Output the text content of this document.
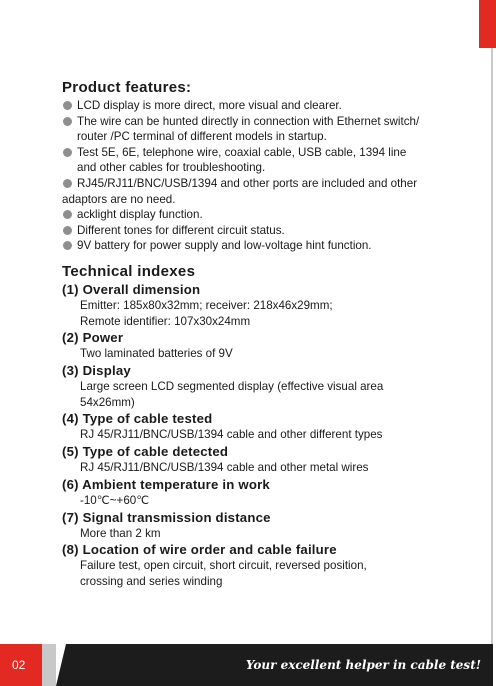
Product features:
LCD display is more direct, more visual and clearer.
The wire can be hunted directly in connection with Ethernet switch/
router /PC terminal of different models in startup.
Test 5E, 6E, telephone wire, coaxial cable, USB cable, 1394 line
and other cables for troubleshooting.
RJ45/RJ11/BNC/USB/1394 and other ports are included and other
adaptors are no need.
acklight display function.
Different tones for different circuit status.
9V battery for power supply and low-voltage hint function.
Technical indexes
(1) Overall dimension
Emitter: 185x80x32mm; receiver: 218x46x29mm;
Remote identifier: 107x30x24mm
(2) Power
Two laminated batteries of 9V
(3) Display
Large screen LCD segmented display (effective visual area
54x26mm)
(4) Type of cable tested
RJ 45/RJ11/BNC/USB/1394 cable and other different types
(5) Type of cable detected
RJ 45/RJ11/BNC/USB/1394 cable and other metal wires
(6) Ambient temperature in work
-10℃~+60℃
(7) Signal transmission distance
More than 2 km
(8) Location of wire order and cable failure
Failure test, open circuit, short circuit, reversed position,
crossing and series winding
02	Your excellent helper in cable test!
